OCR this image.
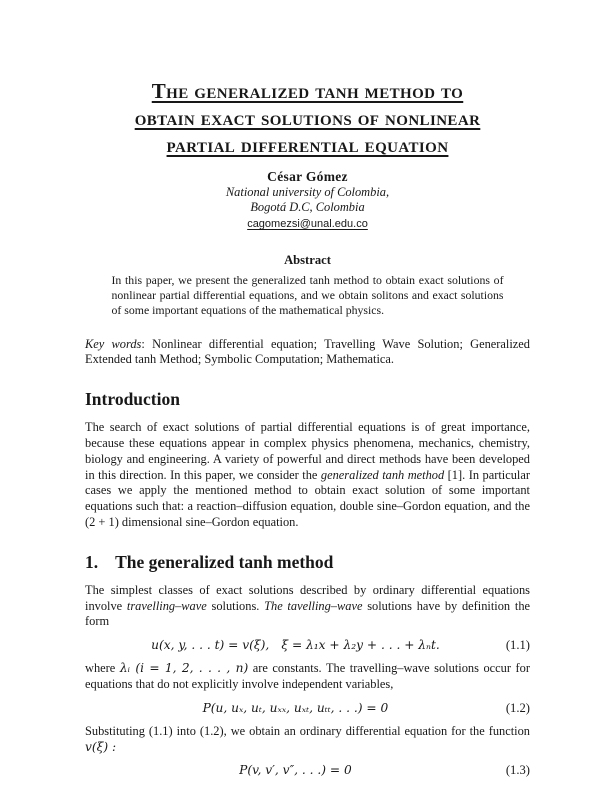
The generalized tanh method to
obtain exact solutions of nonlinear
partial differential equation
César Gómez
National university of Colombia,
Bogotá D.C, Colombia
cagomezsi@unal.edu.co
Abstract
In this paper, we present the generalized tanh method to obtain exact solutions of nonlinear partial differential equations, and we obtain solitons and exact solutions of some important equations of the mathematical physics.
Key words: Nonlinear differential equation; Travelling Wave Solution; Generalized Extended tanh Method; Symbolic Computation; Mathematica.
Introduction
The search of exact solutions of partial differential equations is of great importance, because these equations appear in complex physics phenomena, mechanics, chemistry, biology and engineering. A variety of powerful and direct methods have been developed in this direction. In this paper, we consider the generalized tanh method [1]. In particular cases we apply the mentioned method to obtain exact solution of some important equations such that: a reaction–diffusion equation, double sine–Gordon equation, and the (2 + 1) dimensional sine–Gordon equation.
1. The generalized tanh method
The simplest classes of exact solutions described by ordinary differential equations involve travelling–wave solutions. The tavelling–wave solutions have by definition the form
u(x, y, . . . t) = v(ξ), ξ = λ₁x + λ₂y + . . . + λₙt.	(1.1)
where λᵢ (i = 1, 2, . . . , n) are constants. The travelling–wave solutions occur for equations that do not explicitly involve independent variables,
P(u, uₓ, uₜ, uₓₓ, uₓₜ, uₜₜ, . . .) = 0	(1.2)
Substituting (1.1) into (1.2), we obtain an ordinary differential equation for the function v(ξ) :
P(v, v′, v″, . . .) = 0	(1.3)
